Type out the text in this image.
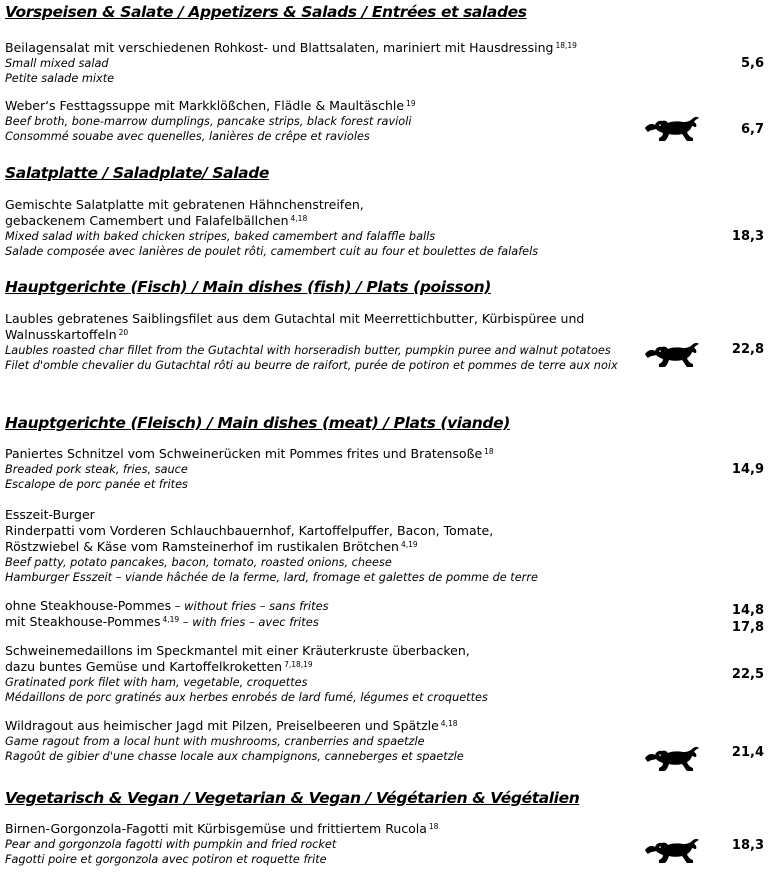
Vorspeisen & Salate / Appetizers & Salads / Entrées et salades
Salatplatte / Saladplate/ Salade
Hauptgerichte (Fisch) / Main dishes (fish) / Plats (poisson)
Hauptgerichte (Fleisch) / Main dishes (meat) / Plats (viande)
Vegetarisch & Vegan / Vegetarian & Vegan / Végétarien & Végétalien
Beilagensalat mit verschiedenen Rohkost- und Blattsalaten, mariniert mit Hausdressing $^{18,19}$
Small mixed salad
Petite salade mixte
5,6
Weber‘s Festtagssuppe mit Markklößchen, Flädle & Maultäschle $^{19}$
Beef broth, bone-marrow dumplings, pancake strips, black forest ravioli
Consommé souabe avec quenelles, lanières de crêpe et ravioles	6,7
Gemischte Salatplatte mit gebratenen Hähnchenstreifen,
gebackenem Camembert und Falafelbällchen $^{4,18}$
Mixed salad with baked chicken stripes, baked camembert and falaffle balls
Salade composée avec lanières de poulet rôti, camembert cuit au four et boulettes de falafels
18,3
Laubles gebratenes Saiblingsfilet aus dem Gutachtal mit Meerrettichbutter, Kürbispüree und
Walnusskartoffeln $^{20}$
Laubles roasted char fillet from the Gutachtal with horseradish butter, pumpkin puree and walnut potatoes
Filet d'omble chevalier du Gutachtal rôti au beurre de raifort, purée de potiron et pommes de terre aux noix
22,8
Paniertes Schnitzel vom Schweinerücken mit Pommes frites und Bratensoße $^{18}$
Breaded pork steak, fries, sauce
Escalope de porc panée et frites
14,9
Esszeit-Burger
Rinderpatti vom Vorderen Schlauchbauernhof, Kartoffelpuffer, Bacon, Tomate,
Röstzwiebel & Käse vom Ramsteinerhof im rustikalen Brötchen $^{4,19}$
Beef patty, potato pancakes, bacon, tomato, roasted onions, cheese
Hamburger Esszeit – viande hâchée de la ferme, lard, fromage et galettes de pomme de terre
ohne Steakhouse-Pommes – without fries – sans frites
mit Steakhouse-Pommes $^{4,19}$ – with fries – avec frites
14,8
17,8
Schweinemedaillons im Speckmantel mit einer Kräuterkruste überbacken,
dazu buntes Gemüse und Kartoffelkroketten $^{7,18,19}$
Gratinated pork filet with ham, vegetable, croquettes
Médaillons de porc gratinés aux herbes enrobés de lard fumé, légumes et croquettes
22,5
Wildragout aus heimischer Jagd mit Pilzen, Preiselbeeren und Spätzle $^{4,18}$
Game ragout from a local hunt with mushrooms, cranberries and spaetzle
Ragoût de gibier d'une chasse locale aux champignons, canneberges et spaetzle	21,4
Birnen-Gorgonzola-Fagotti mit Kürbisgemüse und frittiertem Rucola $^{18}$
Pear and gorgonzola fagotti with pumpkin and fried rocket
Fagotti poire et gorgonzola avec potiron et roquette frite
18,3
